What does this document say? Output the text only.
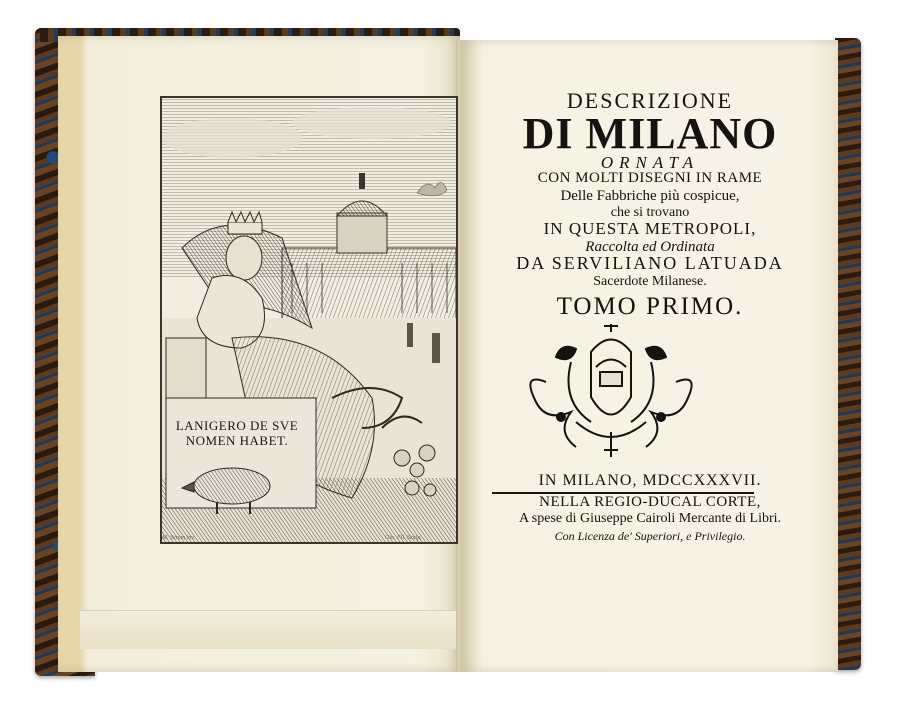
LANIGERO DE SVE
NOMEN HABET.
M. Serom inv.	Gio. Fil. Sculp.
DESCRIZIONE
DI MILANO
ORNATA
CON MOLTI DISEGNI IN RAME
Delle Fabbriche più cospicue,
che si trovano
IN QUESTA METROPOLI,
Raccolta ed Ordinata
DA SERVILIANO LATUADA
Sacerdote Milanese.
TOMO PRIMO.
IN MILANO, MDCCXXXVII.
NELLA REGIO-DUCAL CORTE,
A spese di Giuseppe Cairoli Mercante di Libri.
Con Licenza de' Superiori, e Privilegio.
